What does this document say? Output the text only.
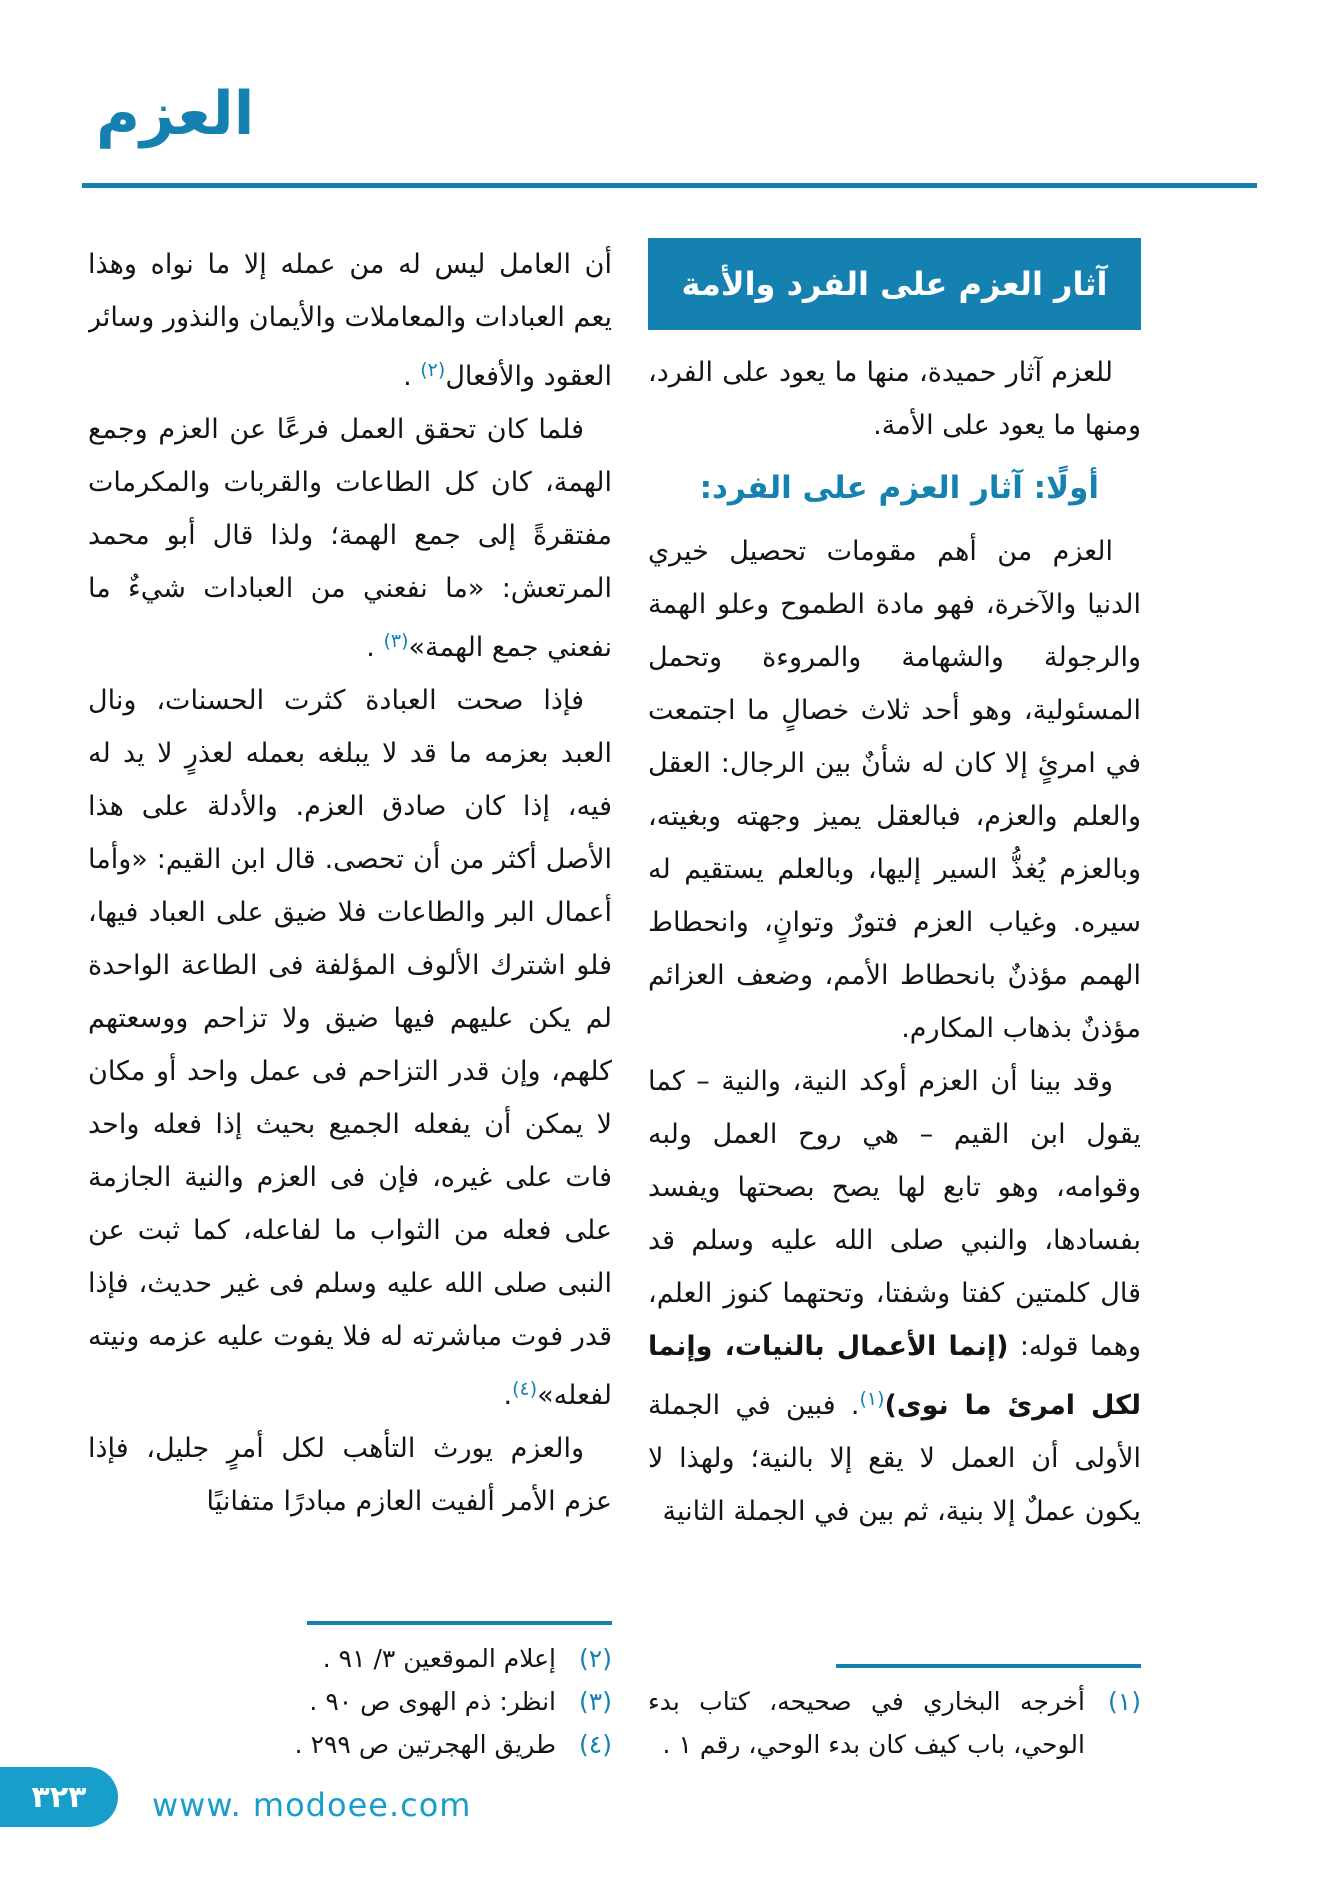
العزم
آثار العزم على الفرد والأمة

للعزم آثار حميدة، منها ما يعود على الفرد، ومنها ما يعود على الأمة.

أولًا: آثار العزم على الفرد:

العزم من أهم مقومات تحصيل خيري الدنيا والآخرة، فهو مادة الطموح وعلو الهمة والرجولة والشهامة والمروءة وتحمل المسئولية، وهو أحد ثلاث خصالٍ ما اجتمعت في امرئٍ إلا كان له شأنٌ بين الرجال: العقل والعلم والعزم، فبالعقل يميز وجهته وبغيته، وبالعزم يُغذُّ السير إليها، وبالعلم يستقيم له سيره. وغياب العزم فتورٌ وتوانٍ، وانحطاط الهمم مؤذنٌ بانحطاط الأمم، وضعف العزائم مؤذنٌ بذهاب المكارم.

وقد بينا أن العزم أوكد النية، والنية – كما يقول ابن القيم – هي روح العمل ولبه وقوامه، وهو تابع لها يصح بصحتها ويفسد بفسادها، والنبي صلى الله عليه وسلم قد قال كلمتين كفتا وشفتا، وتحتهما كنوز العلم، وهما قوله: (إنما الأعمال بالنيات، وإنما لكل امرئ ما نوى)$^{(١)}$. فبين في الجملة الأولى أن العمل لا يقع إلا بالنية؛ ولهذا لا يكون عملٌ إلا بنية، ثم بين في الجملة الثانية

(١)
أخرجه البخاري في صحيحه، كتاب بدء الوحي، باب كيف كان بدء الوحي، رقم ١ .

أن العامل ليس له من عمله إلا ما نواه وهذا يعم العبادات والمعاملات والأيمان والنذور وسائر العقود والأفعال$^{(٢)}$ .

فلما كان تحقق العمل فرعًا عن العزم وجمع الهمة، كان كل الطاعات والقربات والمكرمات مفتقرةً إلى جمع الهمة؛ ولذا قال أبو محمد المرتعش: «ما نفعني من العبادات شيءٌ ما نفعني جمع الهمة»$^{(٣)}$ .

فإذا صحت العبادة كثرت الحسنات، ونال العبد بعزمه ما قد لا يبلغه بعمله لعذرٍ لا يد له فيه، إذا كان صادق العزم. والأدلة على هذا الأصل أكثر من أن تحصى. قال ابن القيم: «وأما أعمال البر والطاعات فلا ضيق على العباد فيها، فلو اشترك الألوف المؤلفة فى الطاعة الواحدة لم يكن عليهم فيها ضيق ولا تزاحم ووسعتهم كلهم، وإن قدر التزاحم فى عمل واحد أو مكان لا يمكن أن يفعله الجميع بحيث إذا فعله واحد فات على غيره، فإن فى العزم والنية الجازمة على فعله من الثواب ما لفاعله، كما ثبت عن النبى صلى الله عليه وسلم فى غير حديث، فإذا قدر فوت مباشرته له فلا يفوت عليه عزمه ونيته لفعله»$^{(٤)}$.

والعزم يورث التأهب لكل أمرٍ جليل، فإذا عزم الأمر ألفيت العازم مبادرًا متفانيًا

(٢)
إعلام الموقعين ٣/ ٩١ .
(٣)
انظر: ذم الهوى ص ٩٠ .
(٤)
طريق الهجرتين ص ٢٩٩ .
٣٢٣	www. modoee.com
